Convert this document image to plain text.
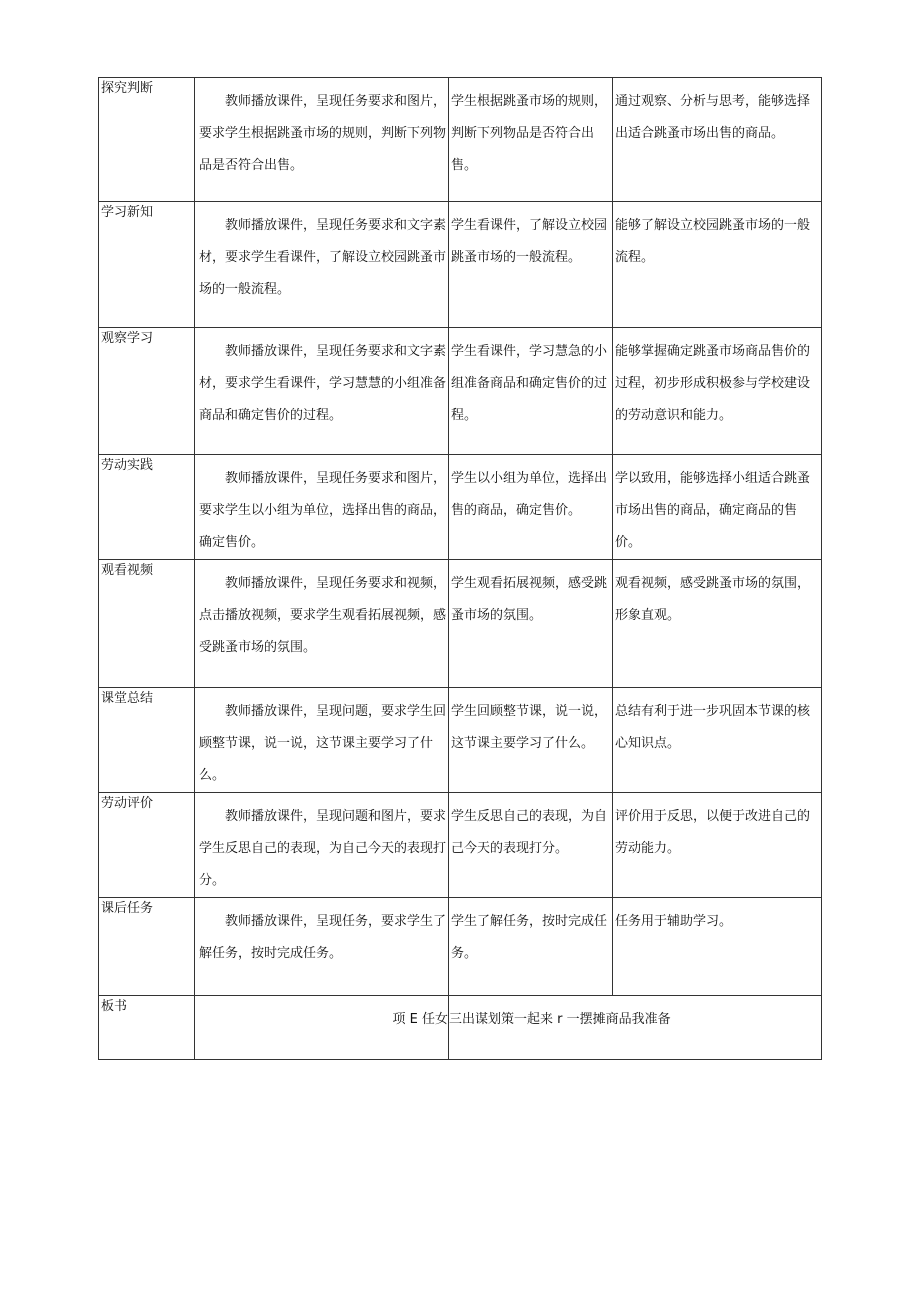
探究判断	教师播放课件，呈现任务要求和图片，要求学生根据跳蚤市场的规则，判断下列物品是否符合出售。	学生根据跳蚤市场的规则，判断下列物品是否符合出售。	通过观察、分析与思考，能够选择出适合跳蚤市场出售的商品。
学习新知	教师播放课件，呈现任务要求和文字素材，要求学生看课件，了解设立校园跳蚤市场的一般流程。	学生看课件，了解设立校园跳蚤市场的一般流程。	能够了解设立校园跳蚤市场的一般流程。
观察学习	教师播放课件，呈现任务要求和文字素材，要求学生看课件，学习慧慧的小组准备商品和确定售价的过程。	学生看课件，学习慧急的小组准备商品和确定售价的过程。	能够掌握确定跳蚤市场商品售价的过程，初步形成积极参与学校建设的劳动意识和能力。
劳动实践	教师播放课件，呈现任务要求和图片，要求学生以小组为单位，选择出售的商品，确定售价。	学生以小组为单位，选择出售的商品，确定售价。	学以致用，能够选择小组适合跳蚤市场出售的商品，确定商品的售价。
观看视频	教师播放课件，呈现任务要求和视频，点击播放视频，要求学生观看拓展视频，感受跳蚤市场的氛围。	学生观看拓展视频，感受跳蚤市场的氛围。	观看视频，感受跳蚤市场的氛围，形象直观。
课堂总结	教师播放课件，呈现问题，要求学生回顾整节课，说一说，这节课主要学习了什么。	学生回顾整节课，说一说，这节课主要学习了什么。	总结有利于进一步巩固本节课的核心知识点。
劳动评价	教师播放课件，呈现问题和图片，要求学生反思自己的表现，为自己今天的表现打分。	学生反思自己的表现，为自己今天的表现打分。	评价用于反思，以便于改进自己的劳动能力。
课后任务	教师播放课件，呈现任务，要求学生了解任务，按时完成任务。	学生了解任务，按时完成任务。	任务用于辅助学习。
板书	项 E 任女	三出谋划策一起来 r 一摆摊商品我准备	
